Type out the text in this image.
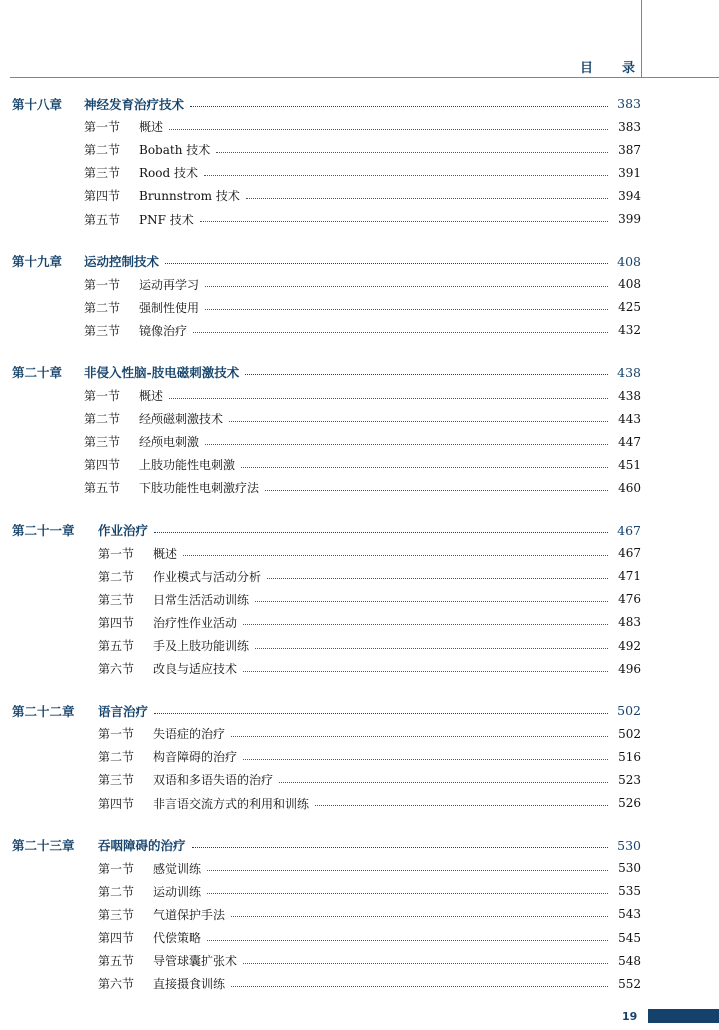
目 录
第十八章	神经发育治疗技术	383
第一节	概述	383
第二节	Bobath 技术	387
第三节	Rood 技术	391
第四节	Brunnstrom 技术	394
第五节	PNF 技术	399
第十九章	运动控制技术	408
第一节	运动再学习	408
第二节	强制性使用	425
第三节	镜像治疗	432
第二十章	非侵入性脑-肢电磁刺激技术	438
第一节	概述	438
第二节	经颅磁刺激技术	443
第三节	经颅电刺激	447
第四节	上肢功能性电刺激	451
第五节	下肢功能性电刺激疗法	460
第二十一章	作业治疗	467
第一节	概述	467
第二节	作业模式与活动分析	471
第三节	日常生活活动训练	476
第四节	治疗性作业活动	483
第五节	手及上肢功能训练	492
第六节	改良与适应技术	496
第二十二章	语言治疗	502
第一节	失语症的治疗	502
第二节	构音障碍的治疗	516
第三节	双语和多语失语的治疗	523
第四节	非言语交流方式的利用和训练	526
第二十三章	吞咽障碍的治疗	530
第一节	感觉训练	530
第二节	运动训练	535
第三节	气道保护手法	543
第四节	代偿策略	545
第五节	导管球囊扩张术	548
第六节	直接摄食训练	552
19
